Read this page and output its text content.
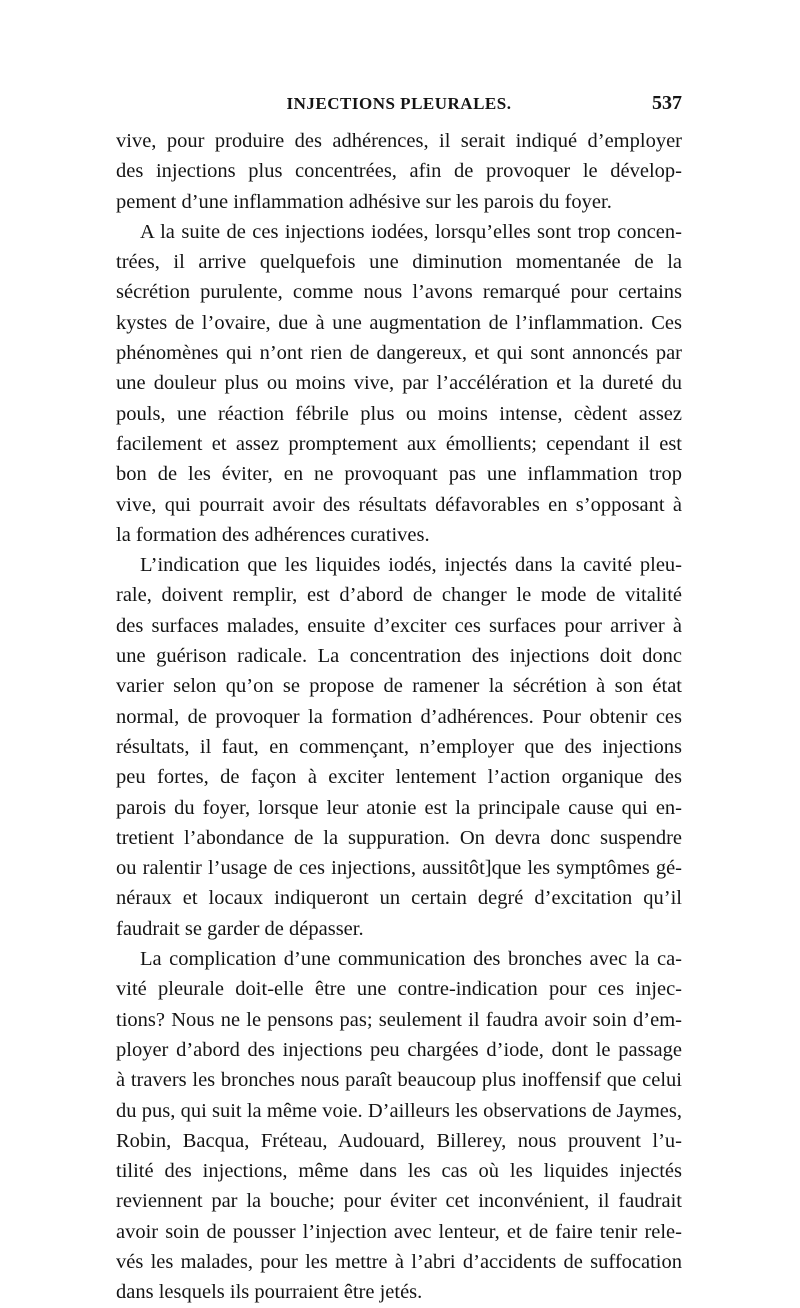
INJECTIONS PLEURALES.	537
vive, pour produire des adhérences, il serait indiqué d’employer
des injections plus concentrées, afin de provoquer le dévelop-
pement d’une inflammation adhésive sur les parois du foyer.
A la suite de ces injections iodées, lorsqu’elles sont trop concen-
trées, il arrive quelquefois une diminution momentanée de la
sécrétion purulente, comme nous l’avons remarqué pour certains
kystes de l’ovaire, due à une augmentation de l’inflammation. Ces
phénomènes qui n’ont rien de dangereux, et qui sont annoncés par
une douleur plus ou moins vive, par l’accélération et la dureté du
pouls, une réaction fébrile plus ou moins intense, cèdent assez
facilement et assez promptement aux émollients; cependant il est
bon de les éviter, en ne provoquant pas une inflammation trop
vive, qui pourrait avoir des résultats défavorables en s’opposant à
la formation des adhérences curatives.
L’indication que les liquides iodés, injectés dans la cavité pleu-
rale, doivent remplir, est d’abord de changer le mode de vitalité
des surfaces malades, ensuite d’exciter ces surfaces pour arriver à
une guérison radicale. La concentration des injections doit donc
varier selon qu’on se propose de ramener la sécrétion à son état
normal, de provoquer la formation d’adhérences. Pour obtenir ces
résultats, il faut, en commençant, n’employer que des injections
peu fortes, de façon à exciter lentement l’action organique des
parois du foyer, lorsque leur atonie est la principale cause qui en-
tretient l’abondance de la suppuration. On devra donc suspendre
ou ralentir l’usage de ces injections, aussitôt]que les symptômes gé-
néraux et locaux indiqueront un certain degré d’excitation qu’il
faudrait se garder de dépasser.
La complication d’une communication des bronches avec la ca-
vité pleurale doit-elle être une contre-indication pour ces injec-
tions? Nous ne le pensons pas; seulement il faudra avoir soin d’em-
ployer d’abord des injections peu chargées d’iode, dont le passage
à travers les bronches nous paraît beaucoup plus inoffensif que celui
du pus, qui suit la même voie. D’ailleurs les observations de Jaymes,
Robin, Bacqua, Fréteau, Audouard, Billerey, nous prouvent l’u-
tilité des injections, même dans les cas où les liquides injectés
reviennent par la bouche; pour éviter cet inconvénient, il faudrait
avoir soin de pousser l’injection avec lenteur, et de faire tenir rele-
vés les malades, pour les mettre à l’abri d’accidents de suffocation
dans lesquels ils pourraient être jetés.
